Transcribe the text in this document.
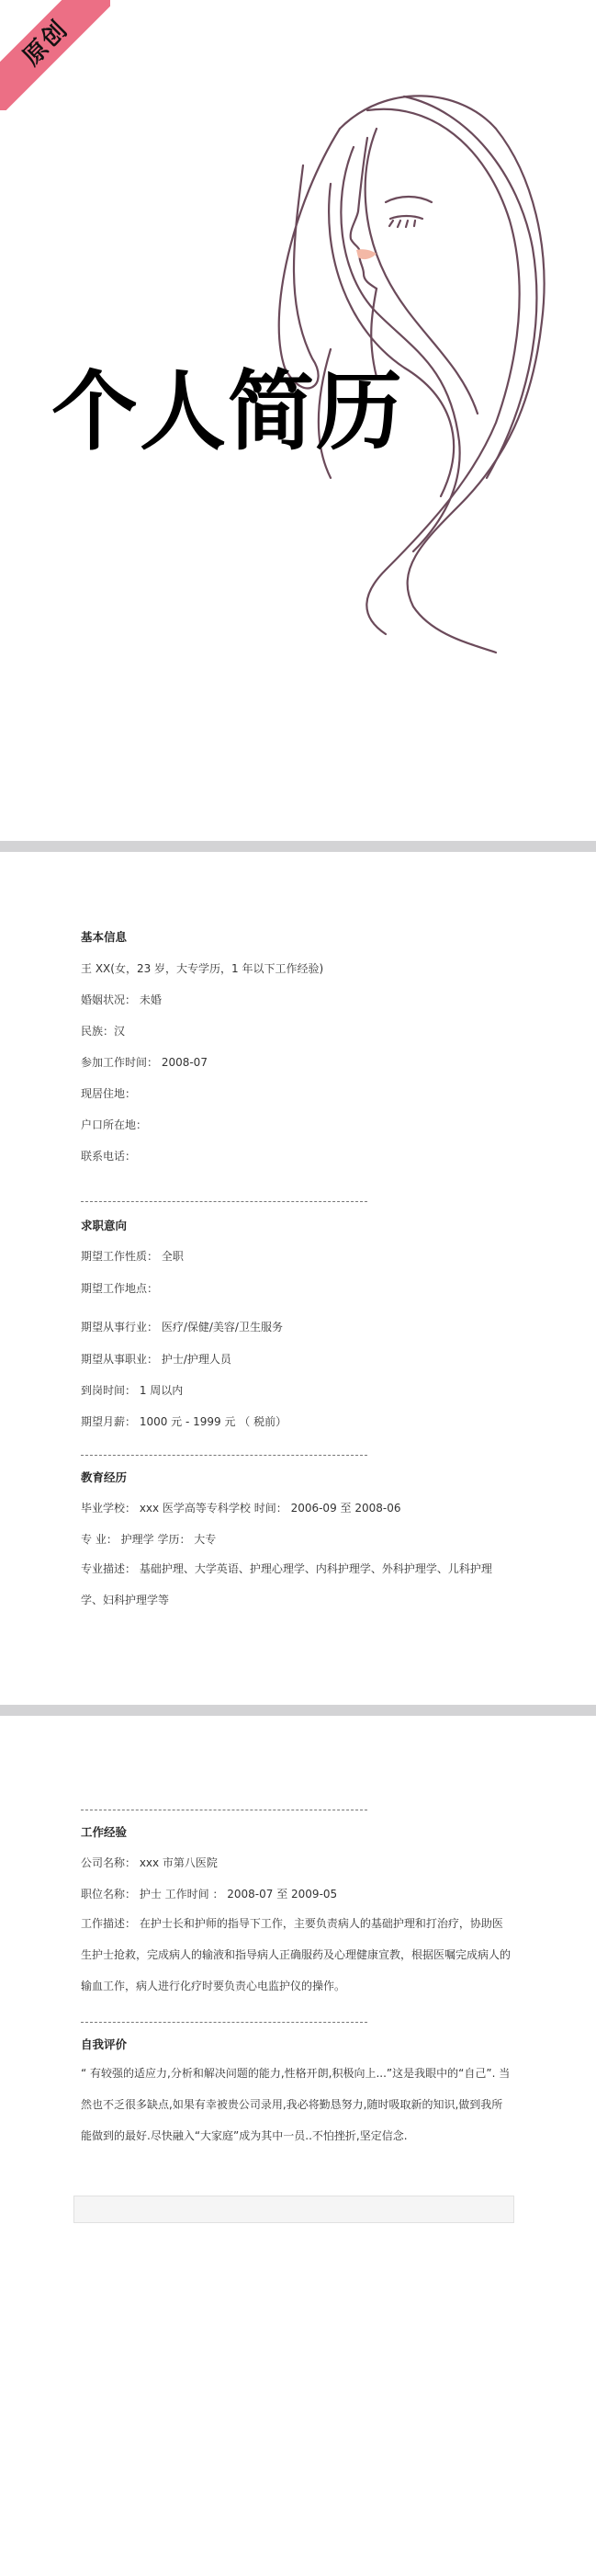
原创
个人简历
基本信息
王 XX(女，23 岁，大专学历，1 年以下工作经验)
婚姻状况： 未婚
民族：汉
参加工作时间： 2008-07
现居住地：
户口所在地：
联系电话：
求职意向
期望工作性质： 全职
期望工作地点：
期望从事行业： 医疗/保健/美容/卫生服务
期望从事职业： 护士/护理人员
到岗时间： 1 周以内
期望月薪： 1000 元 - 1999 元 （ 税前）
教育经历
毕业学校： xxx 医学高等专科学校 时间： 2006-09 至 2008-06
专 业： 护理学 学历： 大专
专业描述： 基础护理、大学英语、护理心理学、内科护理学、外科护理学、儿科护理学、妇科护理学等
工作经验
公司名称： xxx 市第八医院
职位名称： 护士 工作时间 ： 2008-07 至 2009-05
工作描述： 在护士长和护师的指导下工作，主要负责病人的基础护理和打治疗，协助医生护士抢救，完成病人的输液和指导病人正确服药及心理健康宣教，根据医嘱完成病人的输血工作，病人进行化疗时要负责心电监护仪的操作。
自我评价
“ 有较强的适应力,分析和解决问题的能力,性格开朗,积极向上...”这是我眼中的“自己”. 当然也不乏很多缺点,如果有幸被贵公司录用,我必将勤恳努力,随时吸取新的知识,做到我所能做到的最好.尽快融入“大家庭”成为其中一员..不怕挫折,坚定信念.
